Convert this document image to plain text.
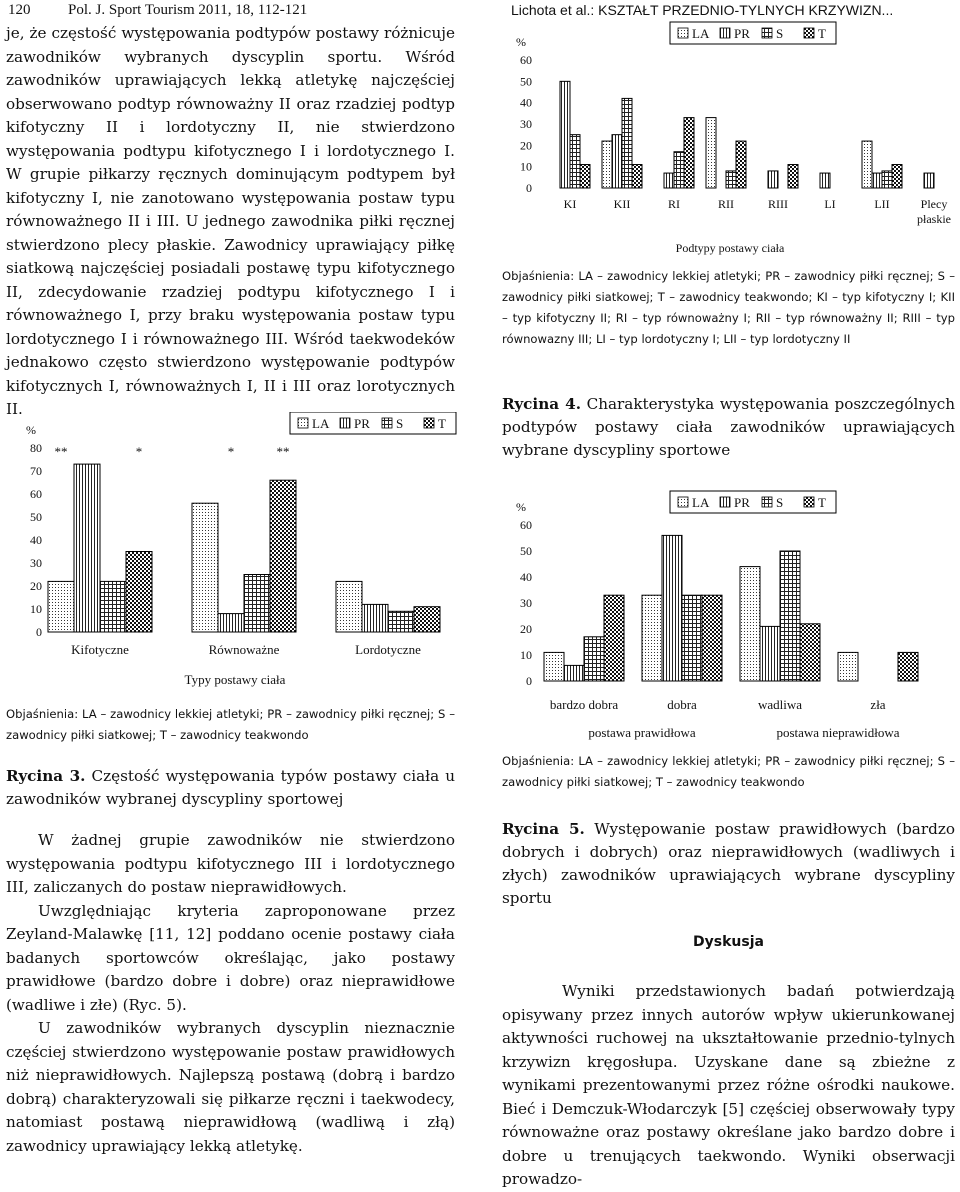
120	Pol. J. Sport Tourism 2011, 18, 112-121	Lichota et al.: KSZTAŁT PRZEDNIO-TYLNYCH KRZYWIZN...

je, że częstość występowania podtypów postawy różnicuje zawodników wybranych dyscyplin sportu. Wśród zawodników uprawiających lekką atletykę najczęściej obserwowano podtyp równoważny II oraz rzadziej podtyp kifotyczny II i lordotyczny II, nie stwierdzono występowania podtypu kifotycznego I i lordotycznego I. W grupie piłkarzy ręcznych dominującym podtypem był kifotyczny I, nie zanotowano występowania postaw typu równoważnego II i III. U jednego zawodnika piłki ręcznej stwierdzono plecy płaskie. Zawodnicy uprawiający piłkę siatkową najczęściej posiadali postawę typu kifotycznego II, zdecydowanie rzadziej podtypu kifotycznego I i równoważnego I, przy braku występowania postaw typu lordotycznego I i równoważnego III. Wśród taekwodeków jednakowo często stwierdzono występowanie podtypów kifotycznych I, równoważnych I, II i III oraz lorotycznych II.

0
10
20
30
40
50
60
70
80
%
**	*	*	**
Kifotyczne	Równoważne	Lordotyczne
Typy postawy ciała
LA PR S	T
Objaśnienia: LA – zawodnicy lekkiej atletyki; PR – zawodnicy piłki ręcznej; S – zawodnicy piłki siatkowej; T – zawodnicy teakwondo
Rycina 3. Częstość występowania typów postawy ciała u zawodników wybranej dyscypliny sportowej

W żadnej grupie zawodników nie stwierdzono występowania podtypu kifotycznego III i lordotycznego III, zaliczanych do postaw nieprawidłowych.

Uwzględniając kryteria zaproponowane przez Zeyland-Malawkę [11, 12] poddano ocenie postawy ciała badanych sportowców określając, jako postawy prawidłowe (bardzo dobre i dobre) oraz nieprawidłowe (wadliwe i złe) (Ryc. 5).

U zawodników wybranych dyscyplin nieznacznie częściej stwierdzono występowanie postaw prawidłowych niż nieprawidłowych. Najlepszą postawą (dobrą i bardzo dobrą) charakteryzowali się piłkarze ręczni i taekwodecy, natomiast postawą nieprawidłową (wadliwą i złą) zawodnicy uprawiający lekką atletykę.

0
10
20
30
40
50
60
%
KI	KII	RI	RII	RIII	LI	LII	Plecy płaskie
Podtypy postawy ciała
LA PR S	T
Objaśnienia: LA – zawodnicy lekkiej atletyki; PR – zawodnicy piłki ręcznej; S – zawodnicy piłki siatkowej; T – zawodnicy teakwondo; KI – typ kifotyczny I; KII – typ kifotyczny II; RI – typ równoważny I; RII – typ równoważny II; RIII – typ równowazny III; LI – typ lordotyczny I; LII – typ lordotyczny II
Rycina 4. Charakterystyka występowania poszczególnych podtypów postawy ciała zawodników uprawiających wybrane dyscypliny sportowe
0
10
20
30
40
50
60
%
bardzo dobra	dobra	wadliwa	zła
postawa prawidłowa	postawa nieprawidłowa
LA PR S	T
Objaśnienia: LA – zawodnicy lekkiej atletyki; PR – zawodnicy piłki ręcznej; S – zawodnicy piłki siatkowej; T – zawodnicy teakwondo
Rycina 5. Występowanie postaw prawidłowych (bardzo dobrych i dobrych) oraz nieprawidłowych (wadliwych i złych) zawodników uprawiających wybrane dyscypliny sportu
Dyskusja

Wyniki przedstawionych badań potwierdzają opisywany przez innych autorów wpływ ukierunkowanej aktywności ruchowej na ukształtowanie przednio-tylnych krzywizn kręgosłupa. Uzyskane dane są zbieżne z wynikami prezentowanymi przez różne ośrodki naukowe. Bieć i Demczuk-Włodarczyk [5] częściej obserwowały typy równoważne oraz postawy określane jako bardzo dobre i dobre u trenujących taekwondo. Wyniki obserwacji prowadzo-
